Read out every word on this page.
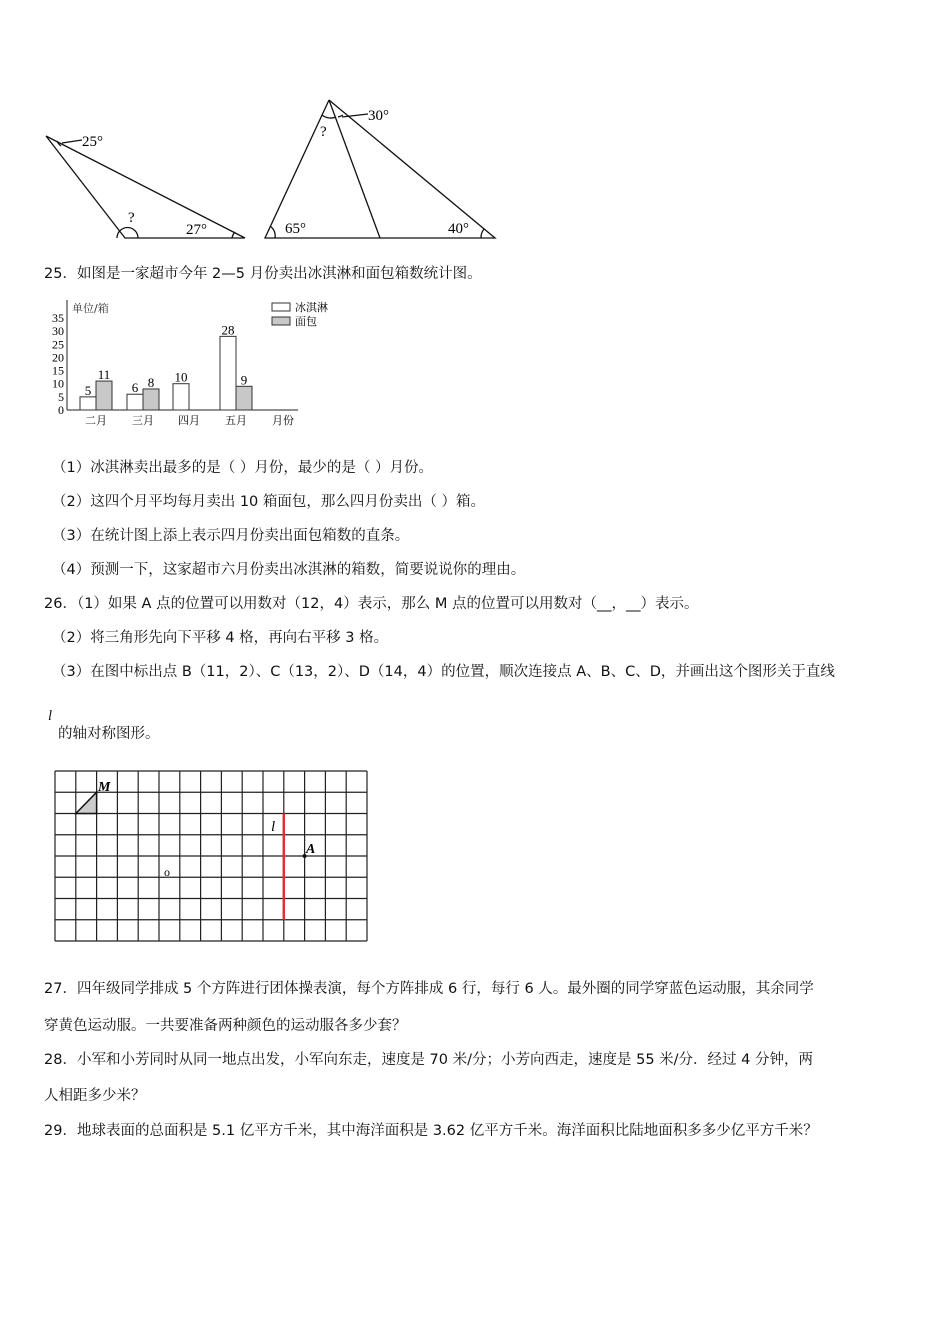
25°
?
27°
30°
?
65°	40°
0
5
10
15
20
25
30
35
单位/箱
月份
二月
5
11
三月
6 8
四月
10
五月
28
9
冰淇淋
面包
l
A
M
o
25．如图是一家超市今年 2—5 月份卖出冰淇淋和面包箱数统计图。
（1）冰淇淋卖出最多的是（ ）月份，最少的是（ ）月份。
（2）这四个月平均每月卖出 10 箱面包，那么四月份卖出（ ）箱。
（3）在统计图上添上表示四月份卖出面包箱数的直条。
（4）预测一下，这家超市六月份卖出冰淇淋的箱数，简要说说你的理由。
26．（1）如果 A 点的位置可以用数对（12，4）表示，那么 M 点的位置可以用数对（__，__）表示。
（2）将三角形先向下平移 4 格，再向右平移 3 格。
（3）在图中标出点 B（11，2）、C（13，2）、D（14，4）的位置，顺次连接点 A、B、C、D，并画出这个图形关于直线
l
的轴对称图形。
27．四年级同学排成 5 个方阵进行团体操表演，每个方阵排成 6 行，每行 6 人。最外圈的同学穿蓝色运动服，其余同学
穿黄色运动服。一共要准备两种颜色的运动服各多少套？
28．小军和小芳同时从同一地点出发，小军向东走，速度是 70 米/分；小芳向西走，速度是 55 米/分．经过 4 分钟，两
人相距多少米？
29．地球表面的总面积是 5.1 亿平方千米，其中海洋面积是 3.62 亿平方千米。海洋面积比陆地面积多多少亿平方千米？
